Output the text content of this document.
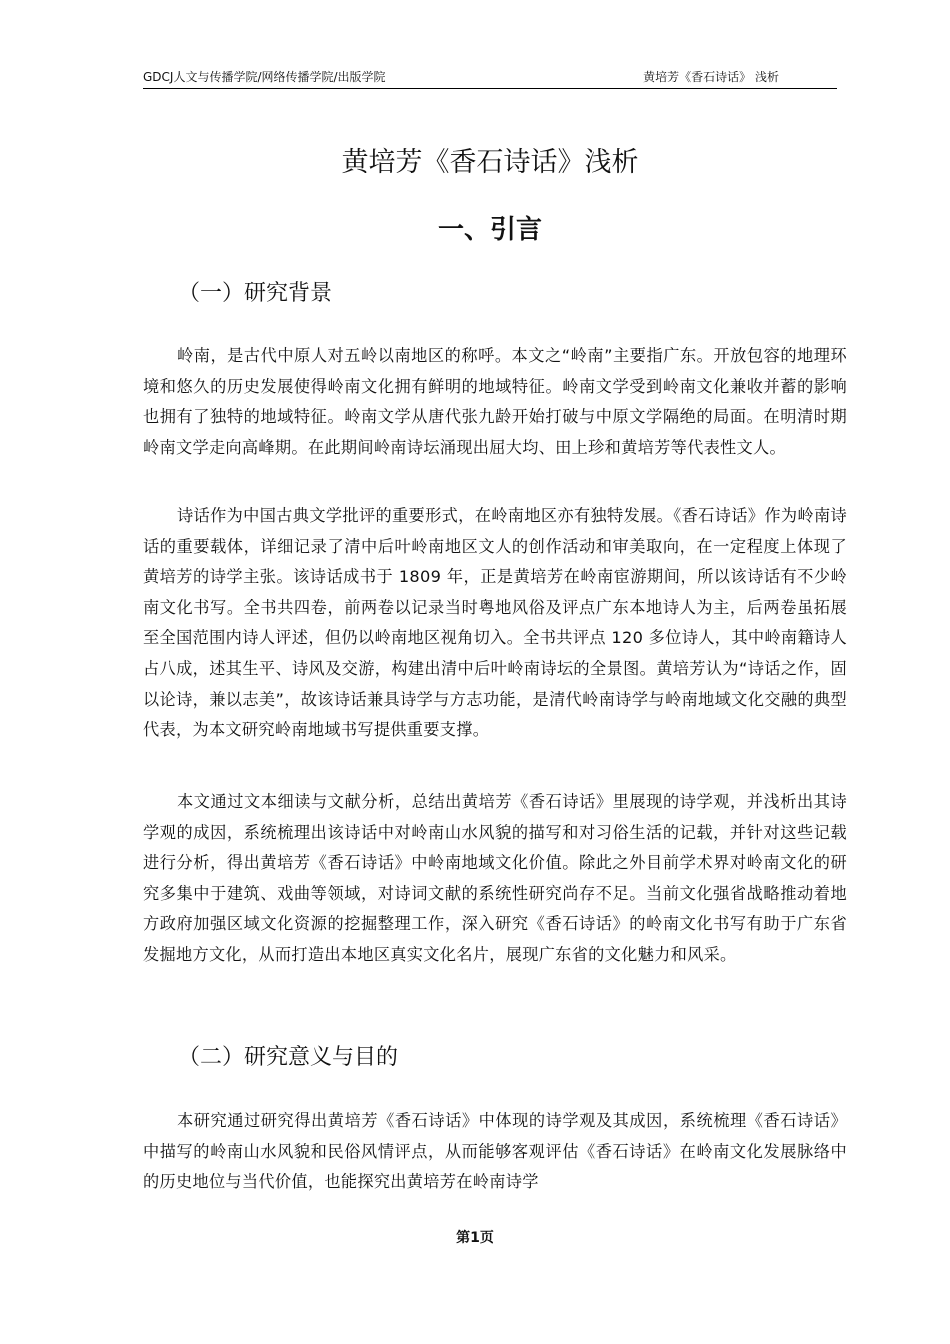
GDCJ人文与传播学院/网络传播学院/出版学院	黄培芳《香石诗话》 浅析
黄培芳《香石诗话》浅析
一、引言
（一）研究背景

岭南，是古代中原人对五岭以南地区的称呼。本文之“岭南”主要指广东。开放包容的地理环境和悠久的历史发展使得岭南文化拥有鲜明的地域特征。岭南文学受到岭南文化兼收并蓄的影响也拥有了独特的地域特征。岭南文学从唐代张九龄开始打破与中原文学隔绝的局面。在明清时期岭南文学走向高峰期。在此期间岭南诗坛涌现出屈大均、田上珍和黄培芳等代表性文人。

诗话作为中国古典文学批评的重要形式，在岭南地区亦有独特发展。《香石诗话》作为岭南诗话的重要载体，详细记录了清中后叶岭南地区文人的创作活动和审美取向，在一定程度上体现了黄培芳的诗学主张。该诗话成书于 1809 年，正是黄培芳在岭南宦游期间，所以该诗话有不少岭南文化书写。全书共四卷，前两卷以记录当时粤地风俗及评点广东本地诗人为主，后两卷虽拓展至全国范围内诗人评述，但仍以岭南地区视角切入。全书共评点 120 多位诗人，其中岭南籍诗人占八成，述其生平、诗风及交游，构建出清中后叶岭南诗坛的全景图。黄培芳认为“诗话之作，固以论诗，兼以志美”，故该诗话兼具诗学与方志功能，是清代岭南诗学与岭南地域文化交融的典型代表，为本文研究岭南地域书写提供重要支撑。

本文通过文本细读与文献分析，总结出黄培芳《香石诗话》里展现的诗学观，并浅析出其诗学观的成因，系统梳理出该诗话中对岭南山水风貌的描写和对习俗生活的记载，并针对这些记载进行分析，得出黄培芳《香石诗话》中岭南地域文化价值。除此之外目前学术界对岭南文化的研究多集中于建筑、戏曲等领域，对诗词文献的系统性研究尚存不足。当前文化强省战略推动着地方政府加强区域文化资源的挖掘整理工作，深入研究《香石诗话》的岭南文化书写有助于广东省发掘地方文化，从而打造出本地区真实文化名片，展现广东省的文化魅力和风采。

（二）研究意义与目的

本研究通过研究得出黄培芳《香石诗话》中体现的诗学观及其成因，系统梳理《香石诗话》中描写的岭南山水风貌和民俗风情评点，从而能够客观评估《香石诗话》在岭南文化发展脉络中的历史地位与当代价值，也能探究出黄培芳在岭南诗学

第1页
